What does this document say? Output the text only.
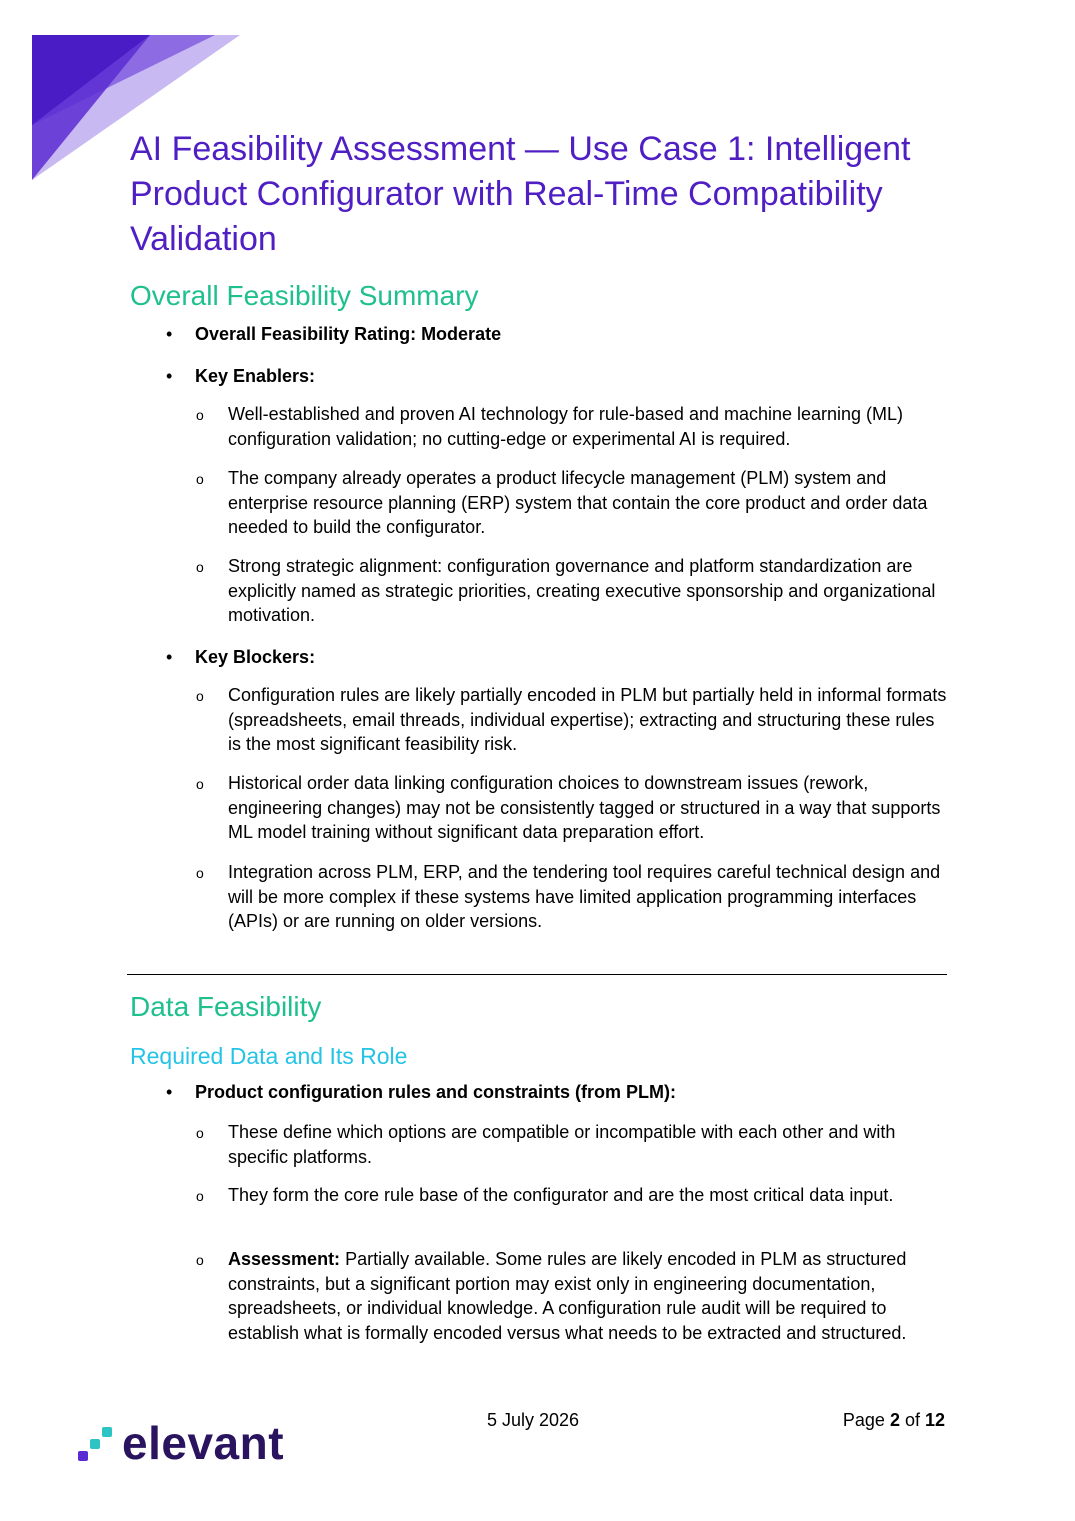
AI Feasibility Assessment — Use Case 1: Intelligent Product Configurator with Real-Time Compatibility Validation
Overall Feasibility Summary
• Overall Feasibility Rating: Moderate
• Key Enablers:
o Well-established and proven AI technology for rule-based and machine learning (ML) configuration validation; no cutting-edge or experimental AI is required.
o The company already operates a product lifecycle management (PLM) system and enterprise resource planning (ERP) system that contain the core product and order data needed to build the configurator.
o Strong strategic alignment: configuration governance and platform standardization are explicitly named as strategic priorities, creating executive sponsorship and organizational motivation.
• Key Blockers:
o Configuration rules are likely partially encoded in PLM but partially held in informal formats (spreadsheets, email threads, individual expertise); extracting and structuring these rules is the most significant feasibility risk.
o Historical order data linking configuration choices to downstream issues (rework, engineering changes) may not be consistently tagged or structured in a way that supports ML model training without significant data preparation effort.
o Integration across PLM, ERP, and the tendering tool requires careful technical design and will be more complex if these systems have limited application programming interfaces (APIs) or are running on older versions.
Data Feasibility
Required Data and Its Role
• Product configuration rules and constraints (from PLM):
o These define which options are compatible or incompatible with each other and with specific platforms.
o They form the core rule base of the configurator and are the most critical data input.
o Assessment: Partially available. Some rules are likely encoded in PLM as structured constraints, but a significant portion may exist only in engineering documentation, spreadsheets, or individual knowledge. A configuration rule audit will be required to establish what is formally encoded versus what needs to be extracted and structured.
elevant	5 July 2026	Page 2 of 12
